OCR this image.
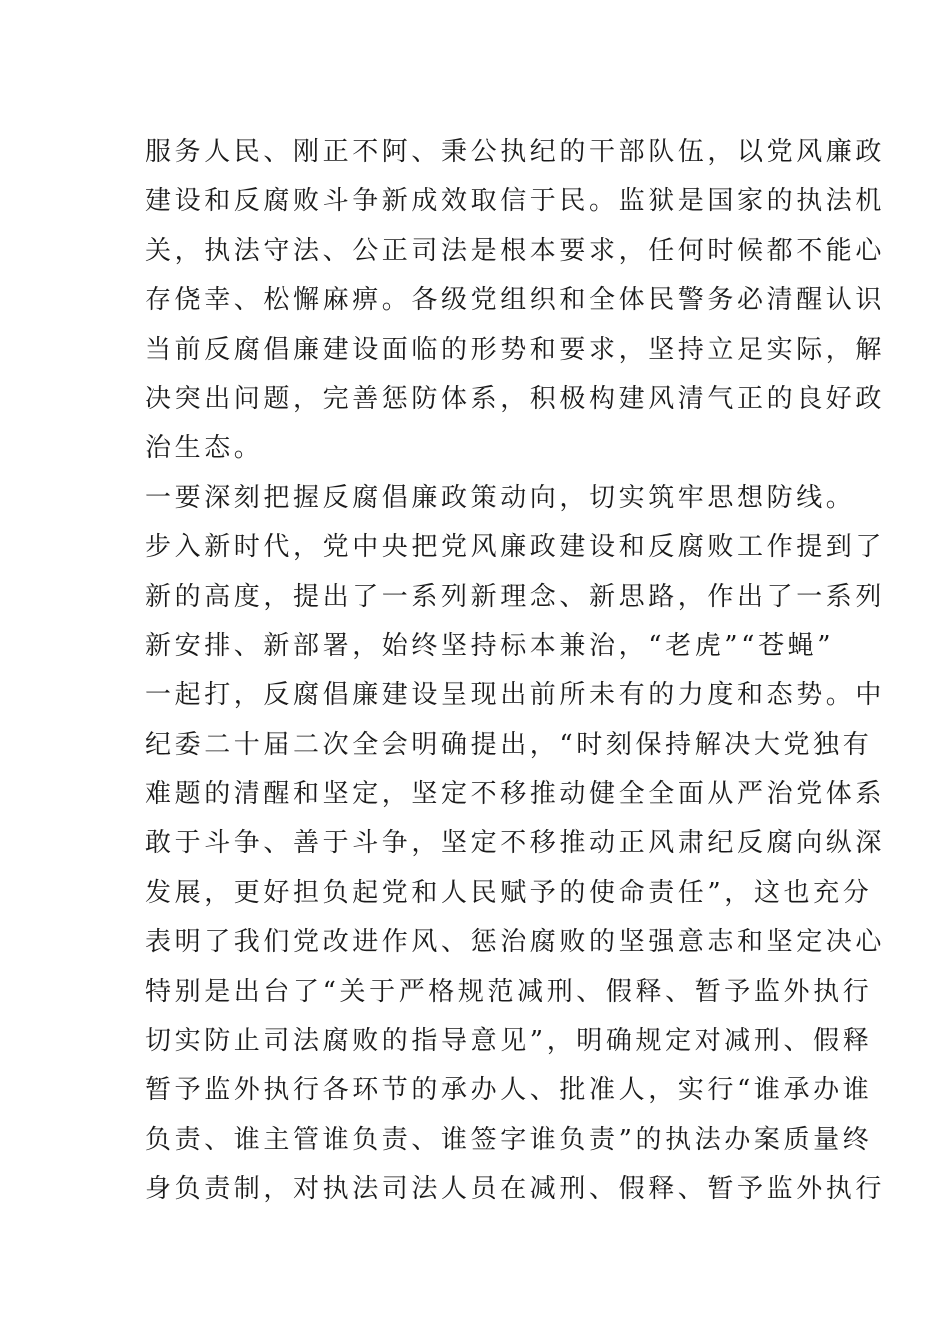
服务人民、刚正不阿、秉公执纪的干部队伍，以党风廉政
建设和反腐败斗争新成效取信于民。监狱是国家的执法机
关，执法守法、公正司法是根本要求，任何时候都不能心
存侥幸、松懈麻痹。各级党组织和全体民警务必清醒认识
当前反腐倡廉建设面临的形势和要求，坚持立足实际，解
决突出问题，完善惩防体系，积极构建风清气正的良好政
治生态。
一要深刻把握反腐倡廉政策动向，切实筑牢思想防线。
步入新时代，党中央把党风廉政建设和反腐败工作提到了
新的高度，提出了一系列新理念、新思路，作出了一系列
新安排、新部署，始终坚持标本兼治，“老虎”“苍蝇”
一起打，反腐倡廉建设呈现出前所未有的力度和态势。中
纪委二十届二次全会明确提出，“时刻保持解决大党独有
难题的清醒和坚定，坚定不移推动健全全面从严治党体系
敢于斗争、善于斗争，坚定不移推动正风肃纪反腐向纵深
发展，更好担负起党和人民赋予的使命责任”，这也充分
表明了我们党改进作风、惩治腐败的坚强意志和坚定决心
特别是出台了“关于严格规范减刑、假释、暂予监外执行
切实防止司法腐败的指导意见”，明确规定对减刑、假释
暂予监外执行各环节的承办人、批准人，实行“谁承办谁
负责、谁主管谁负责、谁签字谁负责”的执法办案质量终
身负责制，对执法司法人员在减刑、假释、暂予监外执行
